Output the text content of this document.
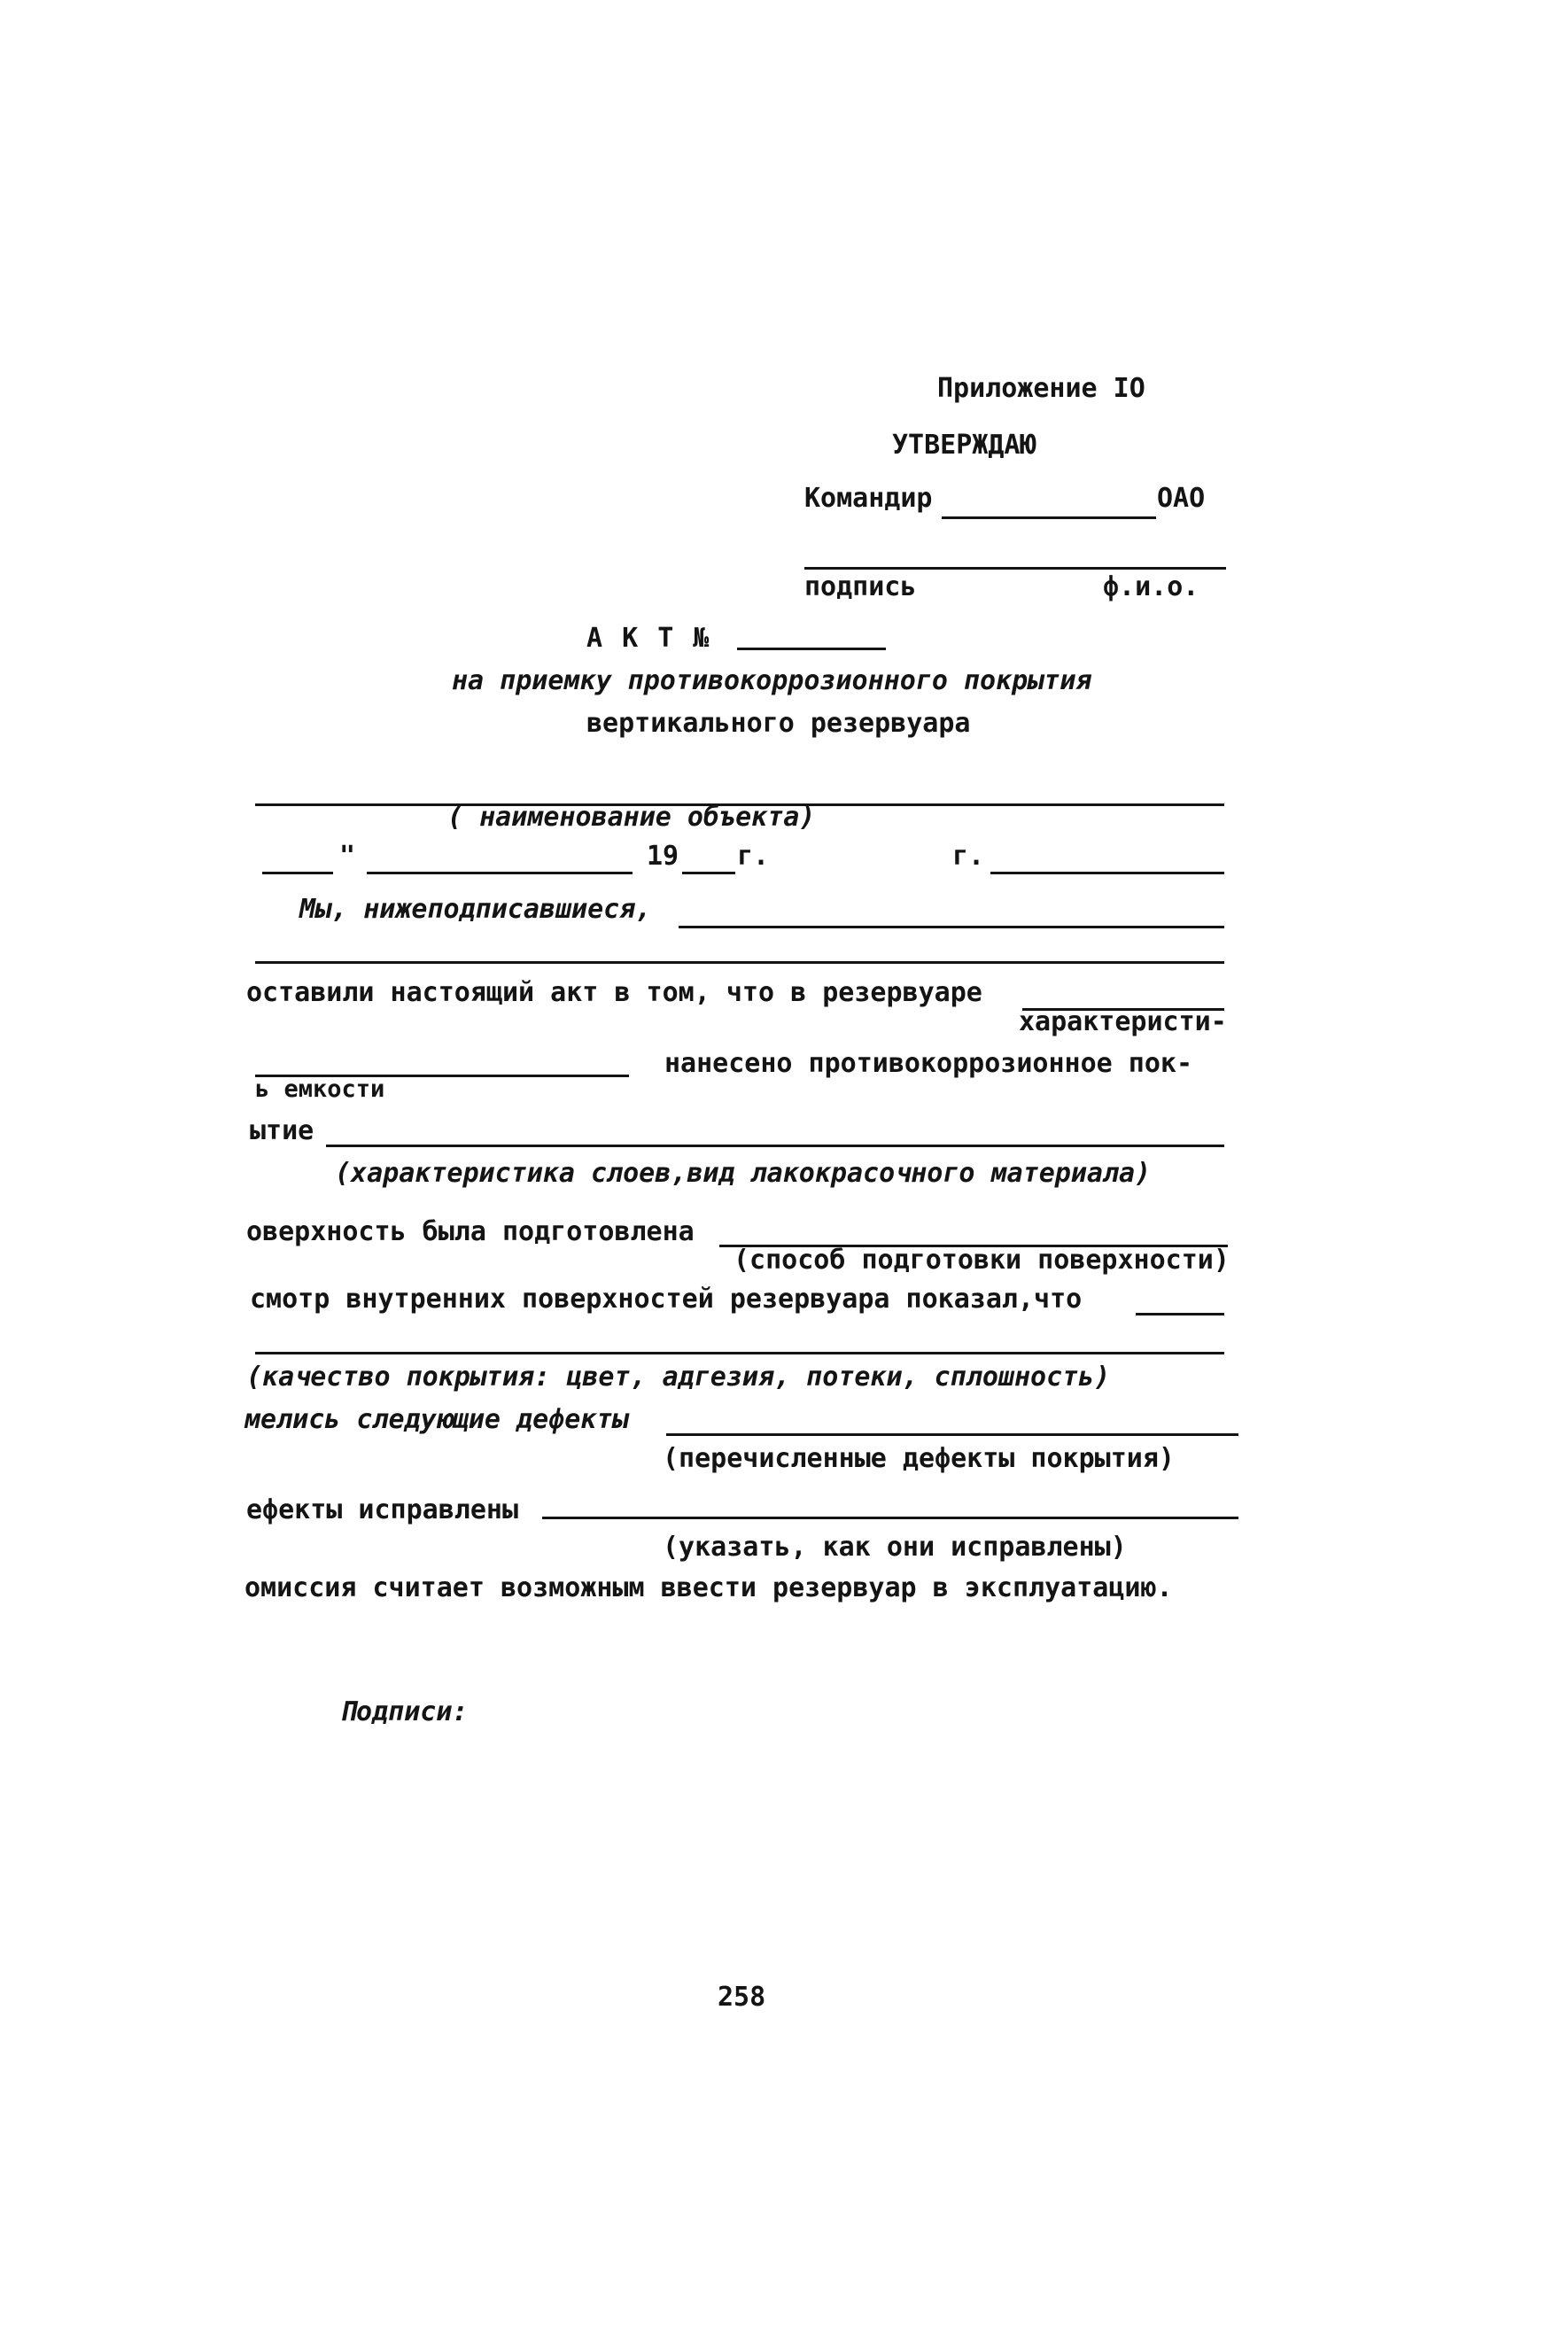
Приложение IO
УТВЕРЖДАЮ
Командир	ОАО
подпись	ф.и.о.
А К Т №
на приемку противокоррозионного покрытия
вертикального резервуара
( наименование объекта)
"	19 г.	г.
Мы, нижеподписавшиеся,
оставили настоящий акт в том, что в резервуаре
характеристи-
нанесено противокоррозионное пок-
ь емкости
ытие
(характеристика слоев,вид лакокрасочного материала)
оверхность была подготовлена
(способ подготовки поверхности)
смотр внутренних поверхностей резервуара показал,что
(качество покрытия: цвет, адгезия, потеки, сплошность)
мелись следующие дефекты
(перечисленные дефекты покрытия)
ефекты исправлены
(указать, как они исправлены)
омиссия считает возможным ввести резервуар в эксплуатацию.
Подписи:
258
